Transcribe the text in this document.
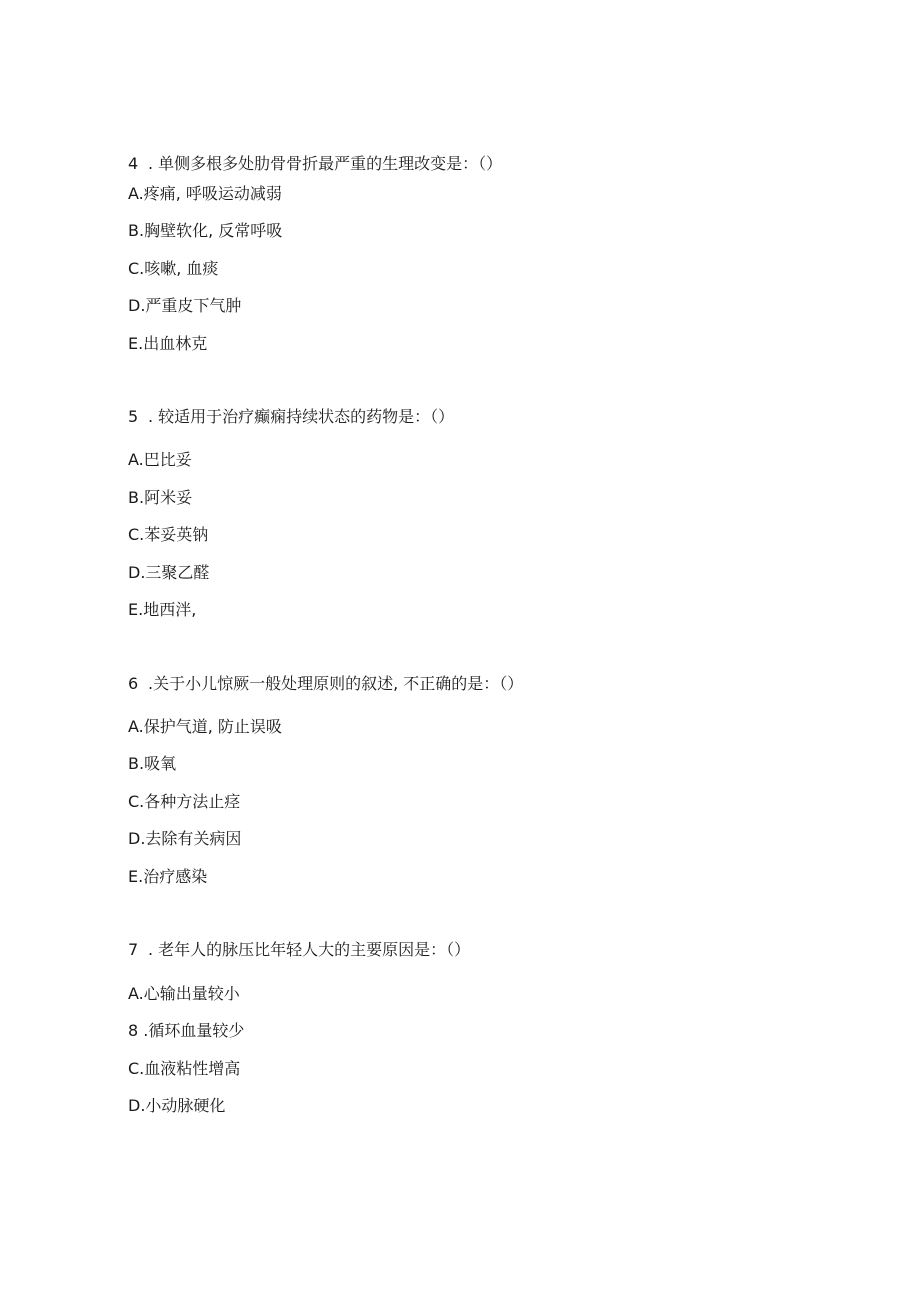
4 . 单侧多根多处肋骨骨折最严重的生理改变是：（）
A.疼痛, 呼吸运动减弱
B.胸壁软化, 反常呼吸
C.咳嗽, 血痰
D.严重皮下气肿
E.出血林克
5 . 较适用于治疗癫痫持续状态的药物是：（）
A.巴比妥
B.阿米妥
C.苯妥英钠
D.三聚乙醛
E.地西泮,
6 .关于小儿惊厥一般处理原则的叙述, 不正确的是：（）
A.保护气道, 防止误吸
B.吸氧
C.各种方法止痉
D.去除有关病因
E.治疗感染
7 . 老年人的脉压比年轻人大的主要原因是：（）
A.心输出量较小
8 .循环血量较少
C.血液粘性增高
D.小动脉硬化
